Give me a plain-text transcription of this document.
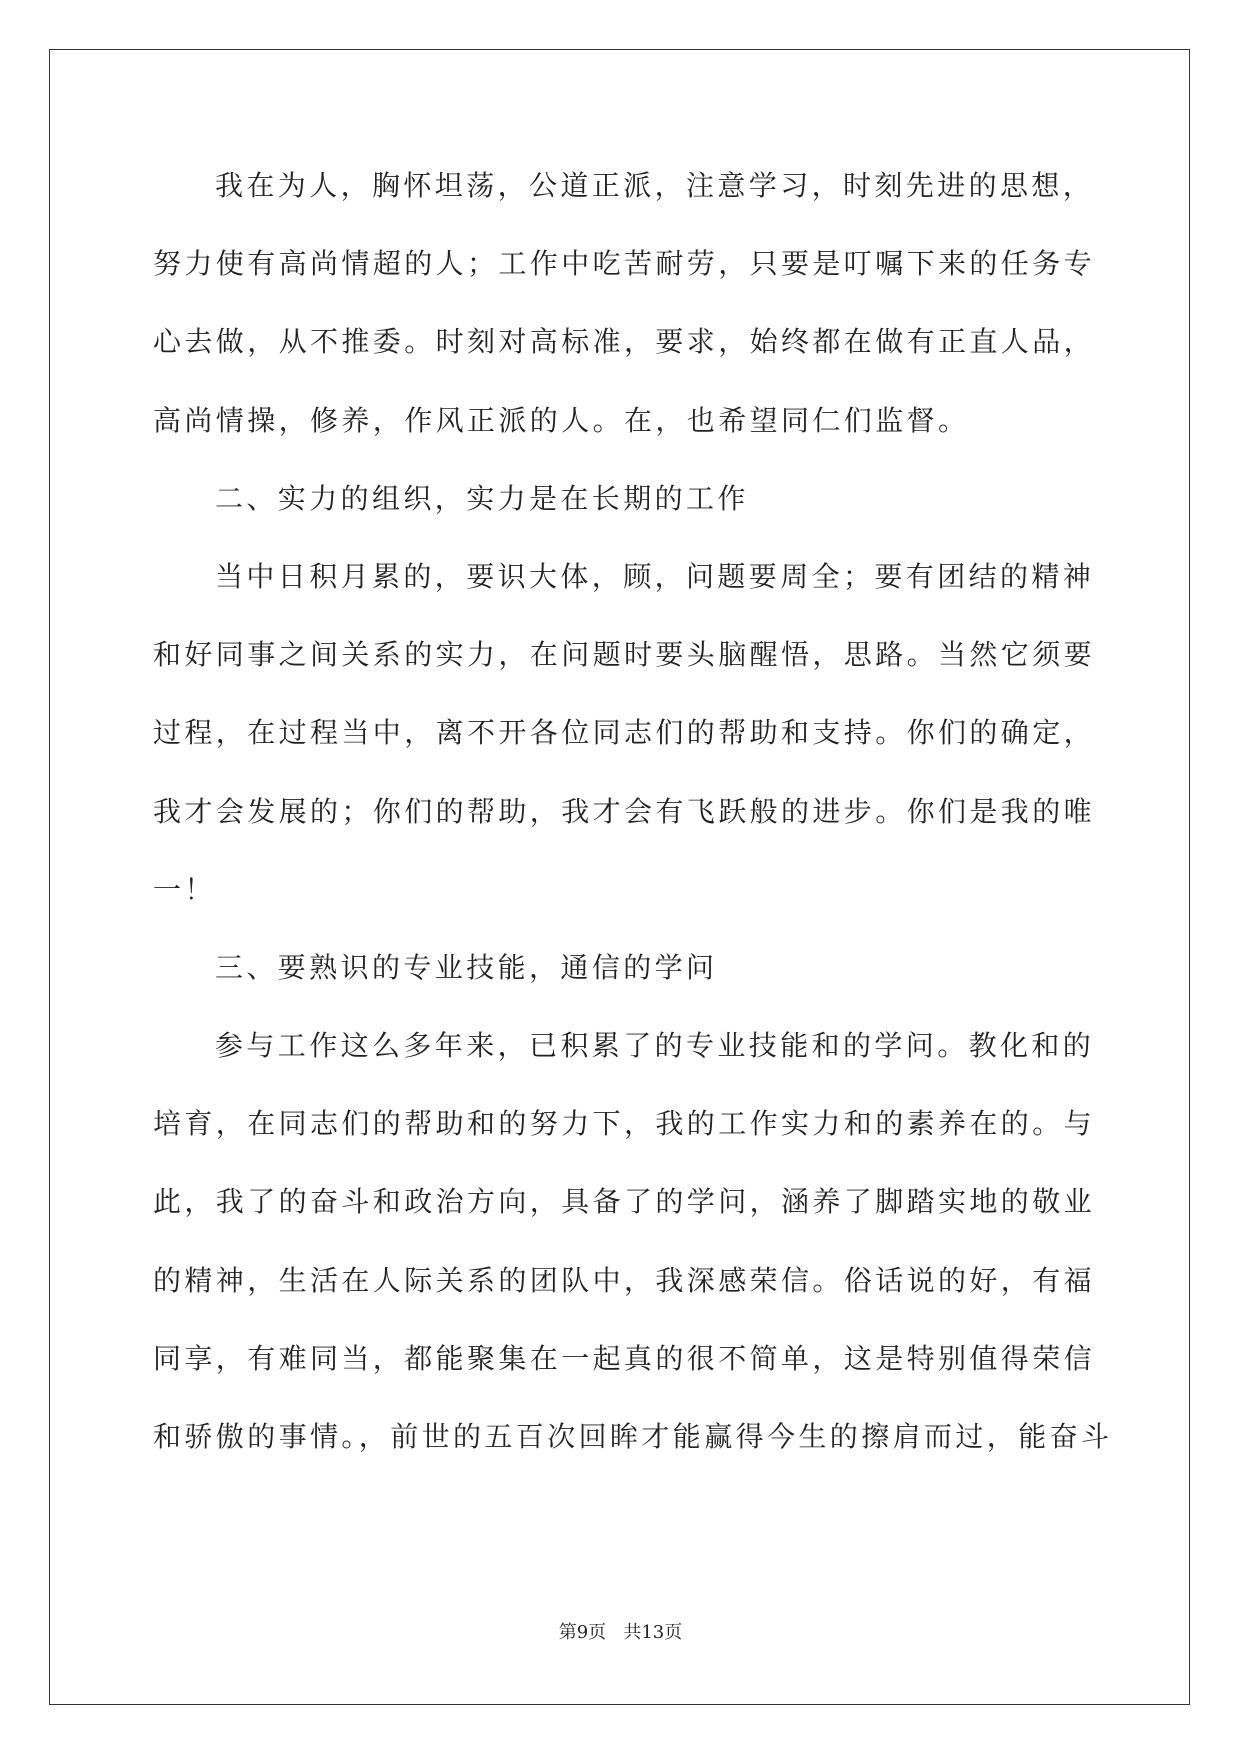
我在为人，胸怀坦荡，公道正派，注意学习，时刻先进的思想，
努力使有高尚情超的人；工作中吃苦耐劳，只要是叮嘱下来的任务专
心去做，从不推委。时刻对高标准，要求，始终都在做有正直人品，
高尚情操，修养，作风正派的人。在，也希望同仁们监督。
二、实力的组织，实力是在长期的工作
当中日积月累的，要识大体，顾，问题要周全；要有团结的精神
和好同事之间关系的实力，在问题时要头脑醒悟，思路。当然它须要
过程，在过程当中，离不开各位同志们的帮助和支持。你们的确定，
我才会发展的；你们的帮助，我才会有飞跃般的进步。你们是我的唯
一！
三、要熟识的专业技能，通信的学问
参与工作这么多年来，已积累了的专业技能和的学问。教化和的
培育，在同志们的帮助和的努力下，我的工作实力和的素养在的。与
此，我了的奋斗和政治方向，具备了的学问，涵养了脚踏实地的敬业
的精神，生活在人际关系的团队中，我深感荣信。俗话说的好，有福
同享，有难同当，都能聚集在一起真的很不简单，这是特别值得荣信
和骄傲的事情。，前世的五百次回眸才能赢得今生的擦肩而过，能奋斗
第9页 共13页
